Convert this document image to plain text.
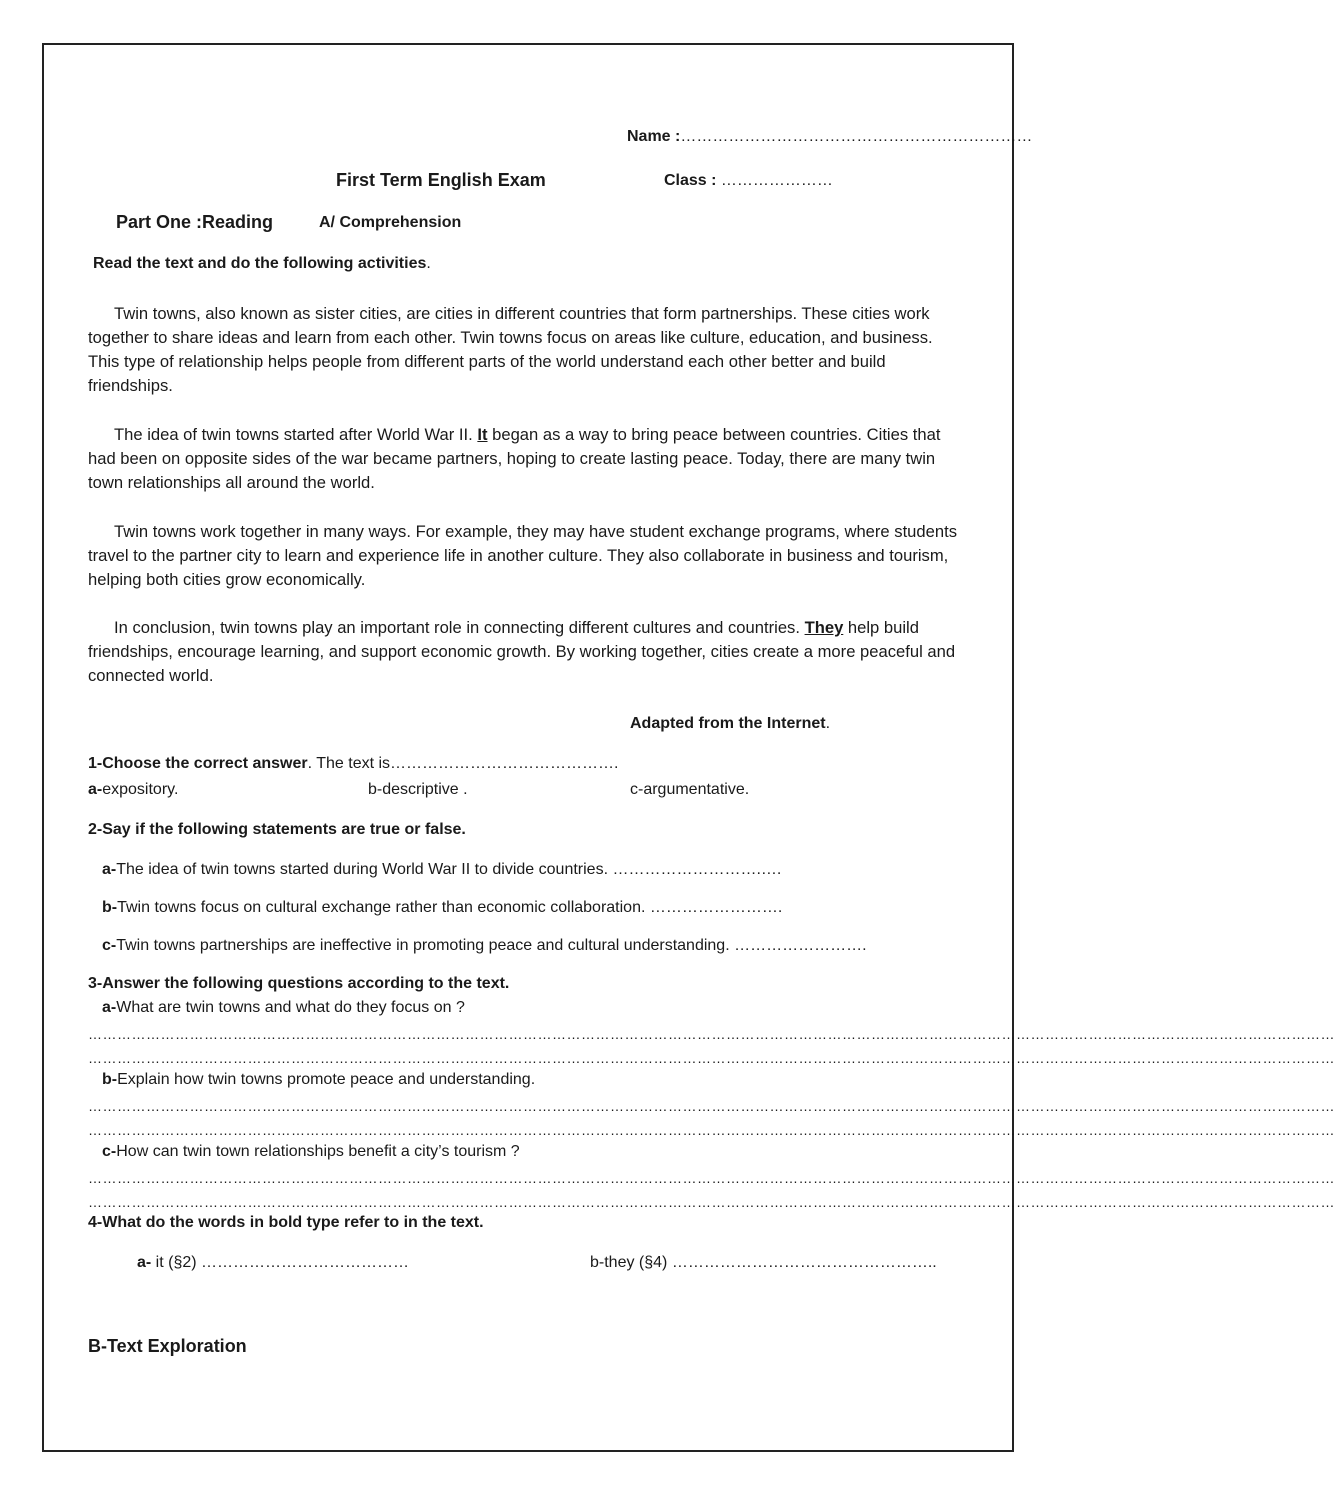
Name :…………………………………………………………
First Term English Exam	Class : …………………
Part One :Reading	A/ Comprehension
Read the text and do the following activities.

Twin towns, also known as sister cities, are cities in different countries that form partnerships. These cities work together to share ideas and learn from each other. Twin towns focus on areas like culture, education, and business. This type of relationship helps people from different parts of the world understand each other better and build friendships.

The idea of twin towns started after World War II. It began as a way to bring peace between countries. Cities that had been on opposite sides of the war became partners, hoping to create lasting peace. Today, there are many twin town relationships all around the world.

Twin towns work together in many ways. For example, they may have student exchange programs, where students travel to the partner city to learn and experience life in another culture. They also collaborate in business and tourism, helping both cities grow economically.

In conclusion, twin towns play an important role in connecting different cultures and countries. They help build friendships, encourage learning, and support economic growth. By working together, cities create a more peaceful and connected world.

Adapted from the Internet.
1-Choose the correct answer. The text is…………………………………….
a-expository.	b-descriptive .	c-argumentative.
2-Say if the following statements are true or false.
a-The idea of twin towns started during World War II to divide countries. ……………………….….
b-Twin towns focus on cultural exchange rather than economic collaboration. …………………….
c-Twin towns partnerships are ineffective in promoting peace and cultural understanding. …………………….
3-Answer the following questions according to the text.
a-What are twin towns and what do they focus on ?
……………………………………………………………………………………………………………………………………………………………………………………………………………………………………
……………………………………………………………………………………………………………………………………………………………………………………………………………………………………
b-Explain how twin towns promote peace and understanding.
……………………………………………………………………………………………………………………………………………………………………………………………………………………………………
……………………………………………………………………………………………………………………………………………………………………………………………………………………………………
c-How can twin town relationships benefit a city’s tourism ?
……………………………………………………………………………………………………………………………………………………………………………………………………………………………………
……………………………………………………………………………………………………………………………………………………………………………………………………………………………………
4-What do the words in bold type refer to in the text.
a- it (§2) …………………………………	b-they (§4) …………………………………………..
B-Text Exploration
